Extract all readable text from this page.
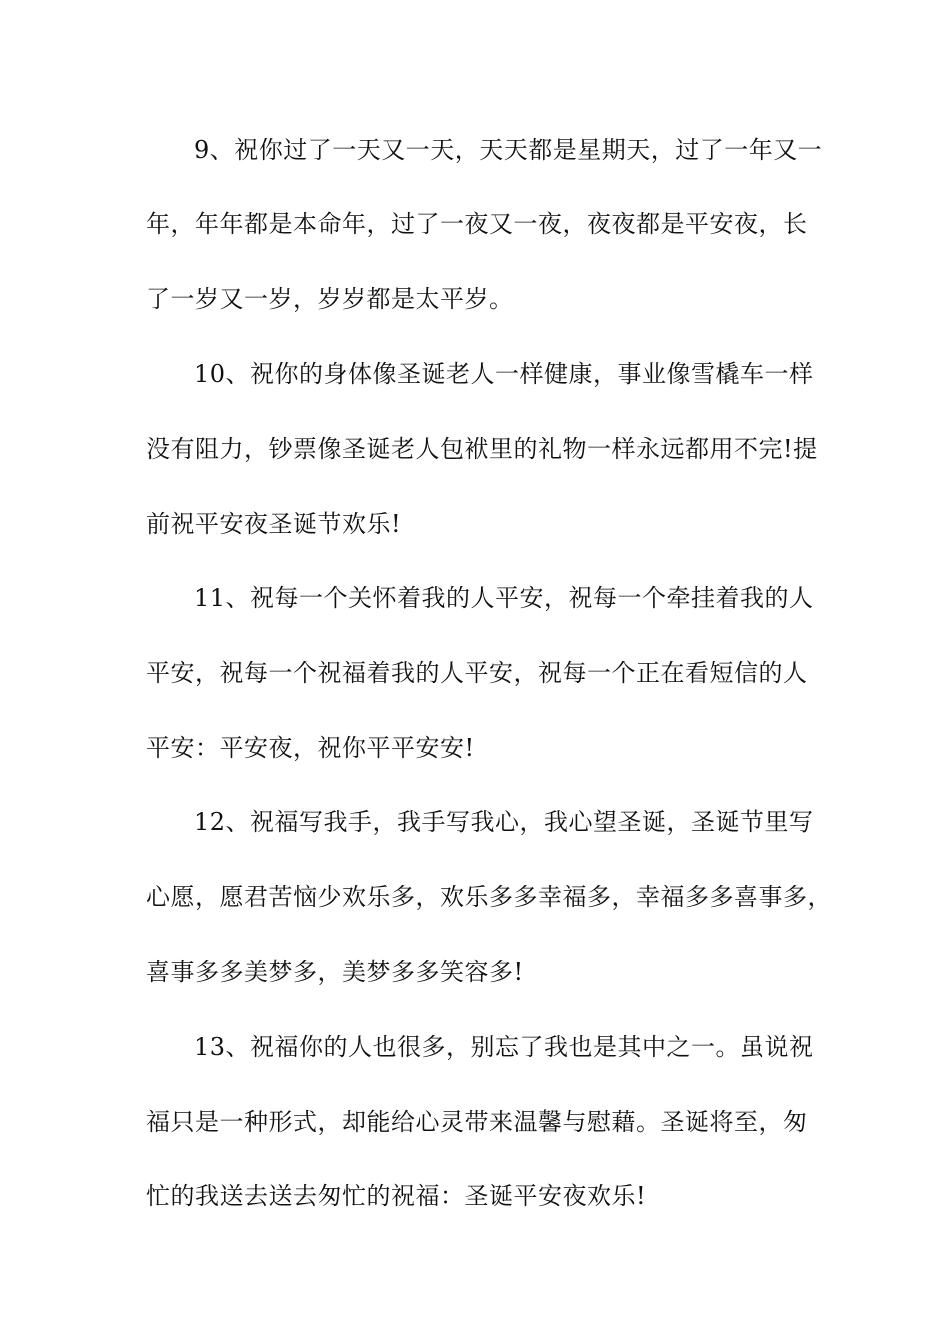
9、祝你过了一天又一天，天天都是星期天，过了一年又一
年，年年都是本命年，过了一夜又一夜，夜夜都是平安夜，长
了一岁又一岁，岁岁都是太平岁。
10、祝你的身体像圣诞老人一样健康，事业像雪橇车一样
没有阻力，钞票像圣诞老人包袱里的礼物一样永远都用不完!提
前祝平安夜圣诞节欢乐!
11、祝每一个关怀着我的人平安，祝每一个牵挂着我的人
平安，祝每一个祝福着我的人平安，祝每一个正在看短信的人
平安：平安夜，祝你平平安安!
12、祝福写我手，我手写我心，我心望圣诞，圣诞节里写
心愿，愿君苦恼少欢乐多，欢乐多多幸福多，幸福多多喜事多，
喜事多多美梦多，美梦多多笑容多!
13、祝福你的人也很多，别忘了我也是其中之一。虽说祝
福只是一种形式，却能给心灵带来温馨与慰藉。圣诞将至，匆
忙的我送去送去匆忙的祝福：圣诞平安夜欢乐!
